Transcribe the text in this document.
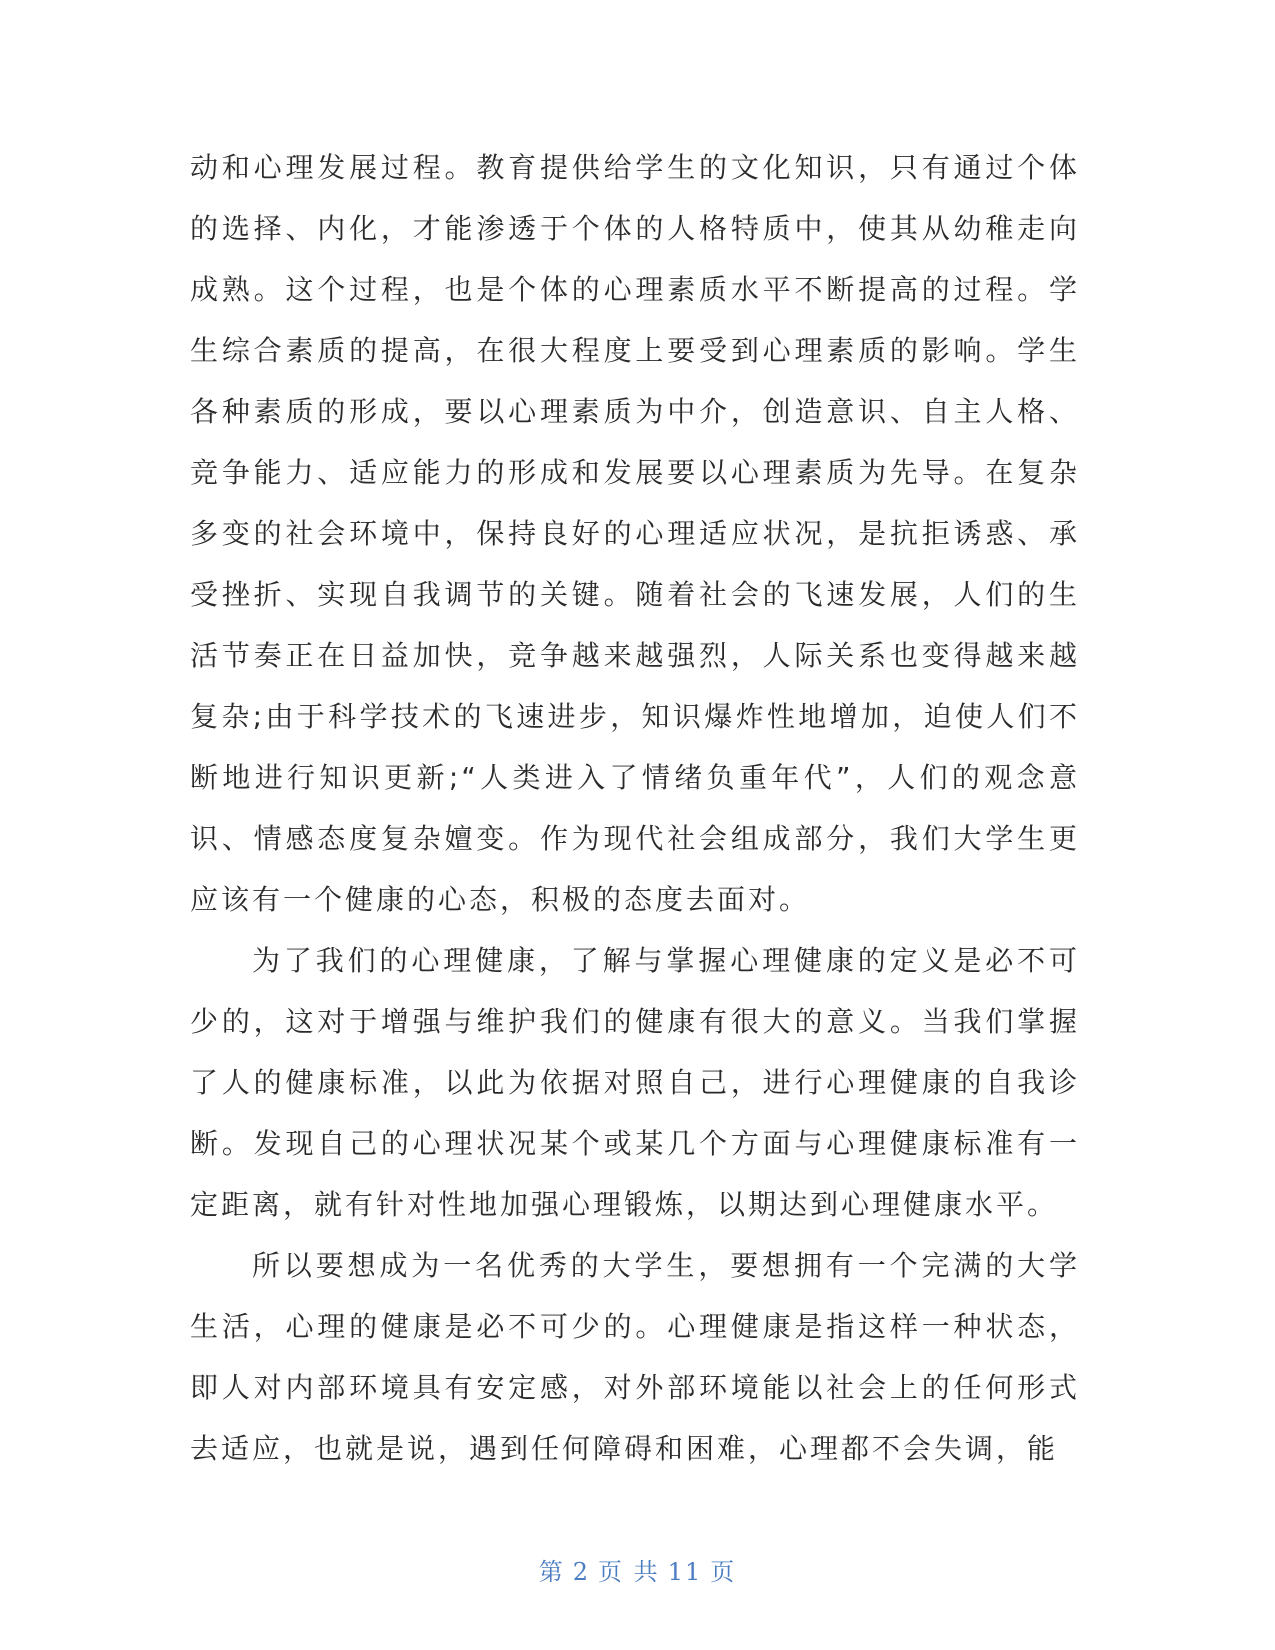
动和心理发展过程。教育提供给学生的文化知识，只有通过个体的选择、内化，才能渗透于个体的人格特质中，使其从幼稚走向成熟。这个过程，也是个体的心理素质水平不断提高的过程。学生综合素质的提高，在很大程度上要受到心理素质的影响。学生各种素质的形成，要以心理素质为中介，创造意识、自主人格、竞争能力、适应能力的形成和发展要以心理素质为先导。在复杂多变的社会环境中，保持良好的心理适应状况，是抗拒诱惑、承受挫折、实现自我调节的关键。随着社会的飞速发展，人们的生活节奏正在日益加快，竞争越来越强烈，人际关系也变得越来越复杂;由于科学技术的飞速进步，知识爆炸性地增加，迫使人们不断地进行知识更新;“人类进入了情绪负重年代”，人们的观念意识、情感态度复杂嬗变。作为现代社会组成部分，我们大学生更应该有一个健康的心态，积极的态度去面对。

为了我们的心理健康，了解与掌握心理健康的定义是必不可少的，这对于增强与维护我们的健康有很大的意义。当我们掌握了人的健康标准，以此为依据对照自己，进行心理健康的自我诊断。发现自己的心理状况某个或某几个方面与心理健康标准有一定距离，就有针对性地加强心理锻炼，以期达到心理健康水平。

所以要想成为一名优秀的大学生，要想拥有一个完满的大学生活，心理的健康是必不可少的。心理健康是指这样一种状态，即人对内部环境具有安定感，对外部环境能以社会上的任何形式去适应，也就是说，遇到任何障碍和困难，心理都不会失调，能

第 2 页 共 11 页
